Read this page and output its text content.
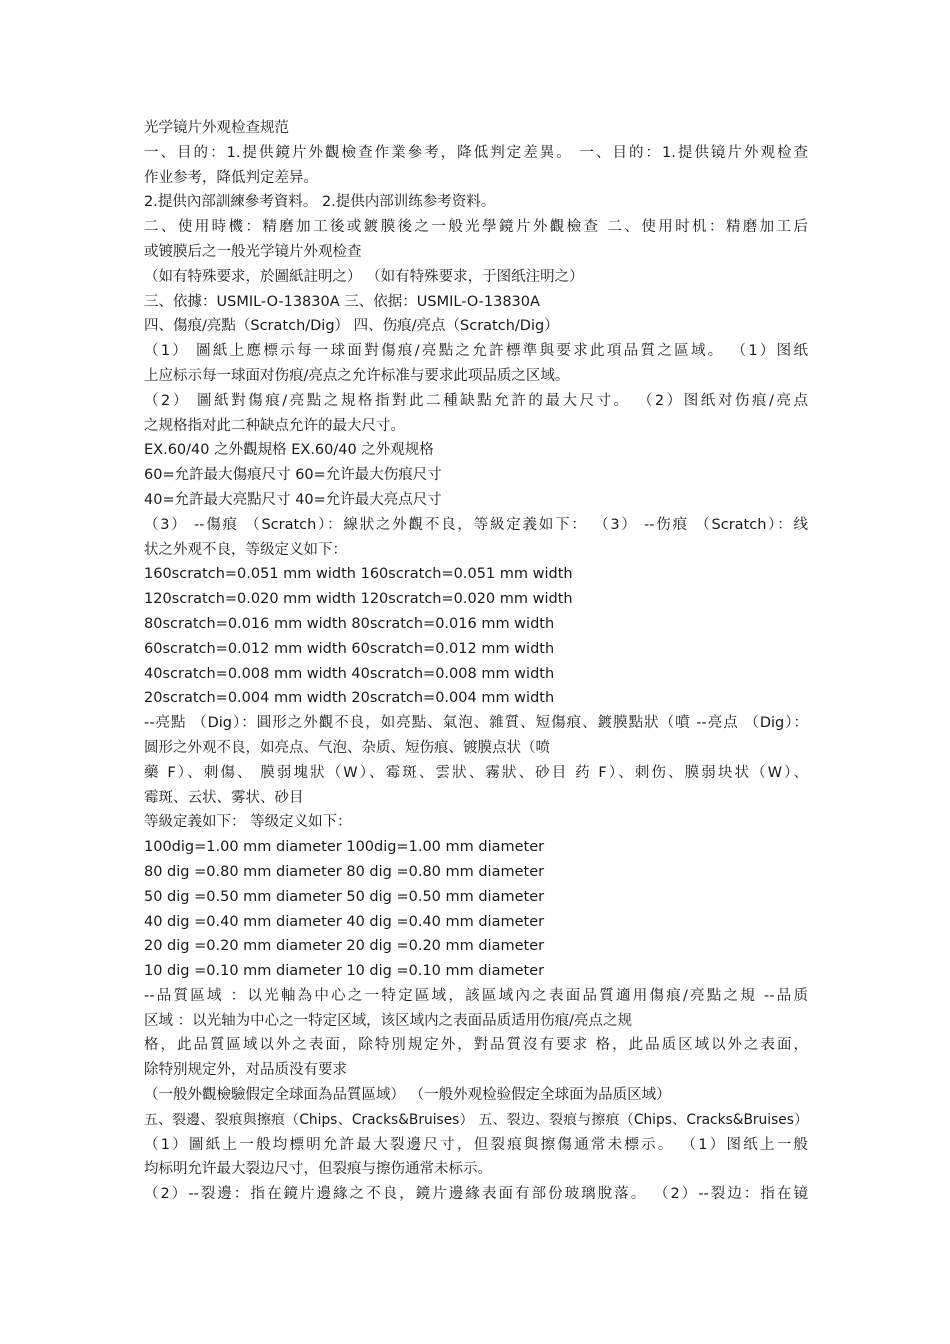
光学镜片外观检查规范
一、目的：1.提供鏡片外觀檢查作業參考，降低判定差異。 一、目的：1.提供镜片外观检查
作业参考，降低判定差异。
2.提供內部訓練參考資料。 2.提供内部训练参考资料。
二、使用時機：精磨加工後或鍍膜後之一般光學鏡片外觀檢查 二、使用时机：精磨加工后
或镀膜后之一般光学镜片外观检查
（如有特殊要求，於圖紙註明之） （如有特殊要求，于图纸注明之）
三、依據：USMIL-O-13830A 三、依据：USMIL-O-13830A
四、傷痕/亮點（Scratch/Dig） 四、伤痕/亮点（Scratch/Dig）
（1） 圖紙上應標示每一球面對傷痕/亮點之允許標準與要求此項品質之區域。 （1）图纸
上应标示每一球面对伤痕/亮点之允许标准与要求此项品质之区域。
（2） 圖紙對傷痕/亮點之規格指對此二種缺點允許的最大尺寸。 （2）图纸对伤痕/亮点
之规格指对此二种缺点允许的最大尺寸。
EX.60/40 之外觀規格 EX.60/40 之外观规格
60=允許最大傷痕尺寸 60=允许最大伤痕尺寸
40=允許最大亮點尺寸 40=允许最大亮点尺寸
（3） --傷痕 （Scratch）：線狀之外觀不良，等級定義如下： （3） --伤痕 （Scratch）：线
状之外观不良，等级定义如下：
160scratch=0.051 mm width 160scratch=0.051 mm width
120scratch=0.020 mm width 120scratch=0.020 mm width
80scratch=0.016 mm width 80scratch=0.016 mm width
60scratch=0.012 mm width 60scratch=0.012 mm width
40scratch=0.008 mm width 40scratch=0.008 mm width
20scratch=0.004 mm width 20scratch=0.004 mm width
--亮點 （Dig）：圓形之外觀不良，如亮點、氣泡、雜質、短傷痕、鍍膜點狀（噴 --亮点 （Dig）：
圆形之外观不良，如亮点、气泡、杂质、短伤痕、镀膜点状（喷
藥 F）、刺傷、 膜弱塊狀（W）、霉斑、雲狀、霧狀、砂目 药 F）、刺伤、膜弱块状（W）、
霉斑、云状、雾状、砂目
等級定義如下： 等级定义如下：
100dig=1.00 mm diameter 100dig=1.00 mm diameter
80 dig =0.80 mm diameter 80 dig =0.80 mm diameter
50 dig =0.50 mm diameter 50 dig =0.50 mm diameter
40 dig =0.40 mm diameter 40 dig =0.40 mm diameter
20 dig =0.20 mm diameter 20 dig =0.20 mm diameter
10 dig =0.10 mm diameter 10 dig =0.10 mm diameter
--品質區域 ：以光軸為中心之一特定區域，該區域內之表面品質適用傷痕/亮點之規 --品质
区域 ：以光轴为中心之一特定区域，该区域内之表面品质适用伤痕/亮点之规
格，此品質區域以外之表面，除特別規定外，對品質沒有要求 格，此品质区域以外之表面，
除特别规定外，对品质没有要求
（一般外觀檢驗假定全球面為品質區域） （一般外观检验假定全球面为品质区域）
五、裂邊、裂痕與擦痕（Chips、Cracks&Bruises） 五、裂边、裂痕与擦痕（Chips、Cracks&Bruises）
（1）圖紙上一般均標明允許最大裂邊尺寸，但裂痕與擦傷通常未標示。 （1）图纸上一般
均标明允许最大裂边尺寸，但裂痕与擦伤通常未标示。
（2）--裂邊：指在鏡片邊緣之不良，鏡片邊緣表面有部份玻璃脫落。 （2）--裂边：指在镜
